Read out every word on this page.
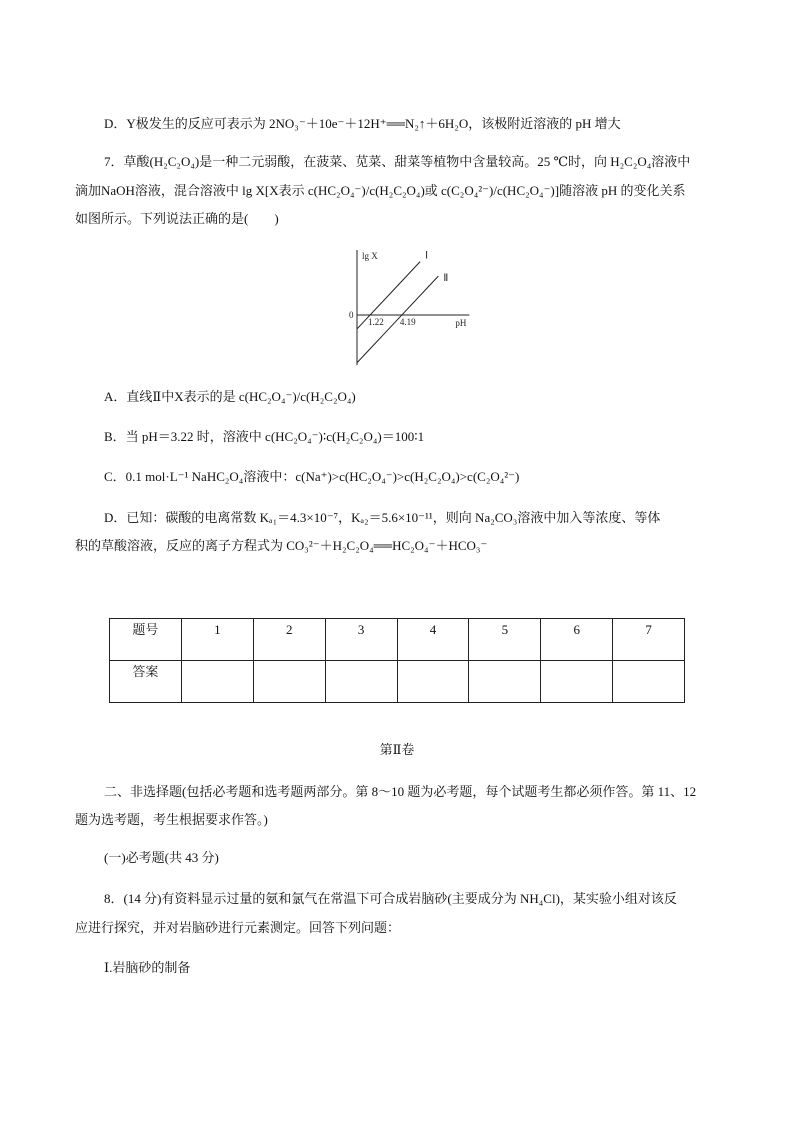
D．Y极发生的反应可表示为 2NO₃⁻＋10e⁻＋12H⁺══N₂↑＋6H₂O，该极附近溶液的 pH 增大
7．草酸(H₂C₂O₄)是一种二元弱酸，在菠菜、苋菜、甜菜等植物中含量较高。25 ℃时，向 H₂C₂O₄溶液中
滴加NaOH溶液，混合溶液中 lg X[X表示 c(HC₂O₄⁻)/c(H₂C₂O₄)或 c(C₂O₄²⁻)/c(HC₂O₄⁻)]随溶液 pH 的变化关系
如图所示。下列说法正确的是(　　)
lg X
pH
0
1.22 4.19
Ⅰ
Ⅱ
A．直线Ⅱ中X表示的是 c(HC₂O₄⁻)/c(H₂C₂O₄)
B．当 pH＝3.22 时，溶液中 c(HC₂O₄⁻)∶c(H₂C₂O₄)＝100∶1
C．0.1 mol·L⁻¹ NaHC₂O₄溶液中：c(Na⁺)>c(HC₂O₄⁻)>c(H₂C₂O₄)>c(C₂O₄²⁻)
D．已知：碳酸的电离常数 Kₐ₁＝4.3×10⁻⁷，Kₐ₂＝5.6×10⁻¹¹，则向 Na₂CO₃溶液中加入等浓度、等体
积的草酸溶液，反应的离子方程式为 CO₃²⁻＋H₂C₂O₄══HC₂O₄⁻＋HCO₃⁻
题号	1	2	3	4	5	6	7
答案							
第Ⅱ卷
二、非选择题(包括必考题和选考题两部分。第 8～10 题为必考题，每个试题考生都必须作答。第 11、12
题为选考题，考生根据要求作答。)
(一)必考题(共 43 分)
8．(14 分)有资料显示过量的氨和氯气在常温下可合成岩脑砂(主要成分为 NH₄Cl)，某实验小组对该反
应进行探究，并对岩脑砂进行元素测定。回答下列问题：
Ⅰ.岩脑砂的制备
